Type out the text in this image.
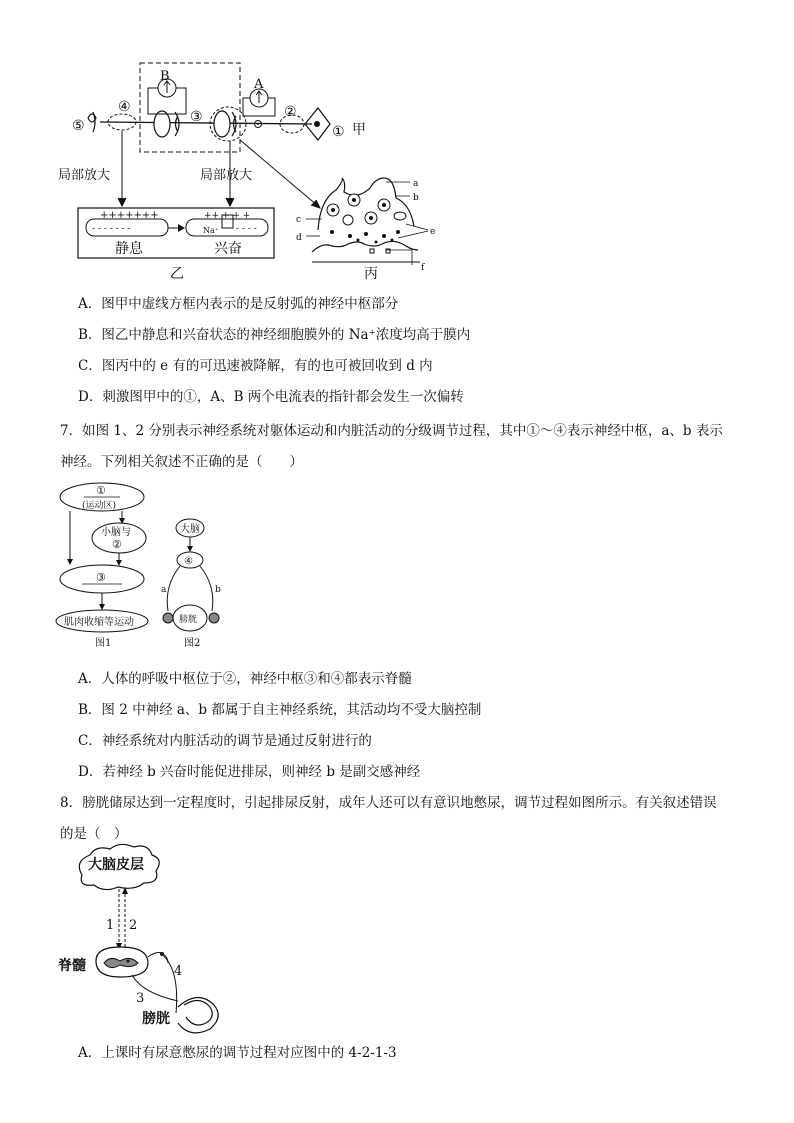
B
A
④
⑤
③	②
① 甲
局部放大	局部放大
+++++++
- - - - - - -
++ + + +
Na⁺ - - - -
静息	兴奋
乙
a
b
c
d
e
f
丙
A．图甲中虚线方框内表示的是反射弧的神经中枢部分
B．图乙中静息和兴奋状态的神经细胞膜外的 Na⁺浓度均高于膜内
C．图丙中的 e 有的可迅速被降解，有的也可被回收到 d 内
D．刺激图甲中的①，A、B 两个电流表的指针都会发生一次偏转
7．如图 1、2 分别表示神经系统对躯体运动和内脏活动的分级调节过程，其中①～④表示神经中枢，a、b 表示
神经。下列相关叙述不正确的是（　　）
①
(运动区)
小脑与
②
③
肌肉收缩等运动
图1
大脑
④
膀胱
a	b
图2
A．人体的呼吸中枢位于②，神经中枢③和④都表示脊髓
B．图 2 中神经 a、b 都属于自主神经系统，其活动均不受大脑控制
C．神经系统对内脏活动的调节是通过反射进行的
D．若神经 b 兴奋时能促进排尿，则神经 b 是副交感神经
8．膀胱储尿达到一定程度时，引起排尿反射，成年人还可以有意识地憋尿，调节过程如图所示。有关叙述错误
的是（　）
大脑皮层
1 2
4
3
脊髓
膀胱
A．上课时有尿意憋尿的调节过程对应图中的 4-2-1-3
